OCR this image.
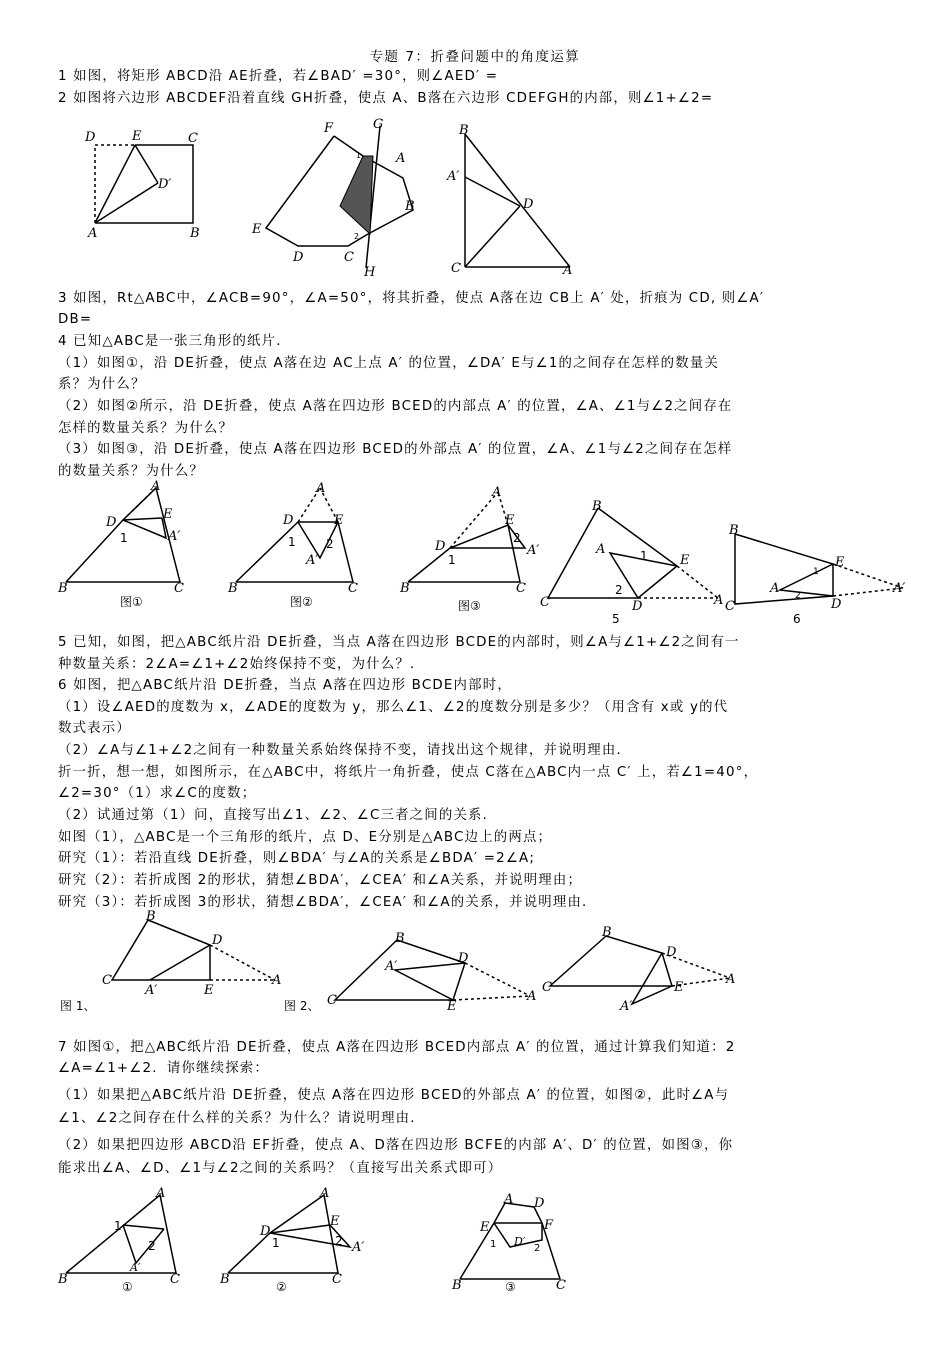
专题 7：折叠问题中的角度运算
1 如图，将矩形 ABCD沿 AE折叠，若∠BAD′ =30°，则∠AED′ =
2 如图将六边形 ABCDEF沿着直线 GH折叠，使点 A、B落在六边形 CDEFGH的内部，则∠1+∠2=
D	E	C
D′
A	B
F	G
A
B
E
D	C
H
1
2
B
A′
D
C	A
3 如图，Rt△ABC中，∠ACB=90°，∠A=50°，将其折叠，使点 A落在边 CB上 A′ 处，折痕为 CD, 则∠A′
DB=
4 已知△ABC是一张三角形的纸片．
（1）如图①，沿 DE折叠，使点 A落在边 AC上点 A′ 的位置，∠DA′ E与∠1的之间存在怎样的数量关
系？为什么？
（2）如图②所示，沿 DE折叠，使点 A落在四边形 BCED的内部点 A′ 的位置，∠A、∠1与∠2之间存在
怎样的数量关系？为什么？
（3）如图③，沿 DE折叠，使点 A落在四边形 BCED的外部点 A′ 的位置，∠A、∠1与∠2之间存在怎样
的数量关系？为什么？
A
D
E
A′
1
B	C
图①
A
D	E
A′
1	2
B	C
图②
A
D
E
A′
1
2
B	C
图③
B
A
E
C	D	A
1
2
5
B
E
A
C	D
A′
1
2
6
5 已知，如图，把△ABC纸片沿 DE折叠，当点 A落在四边形 BCDE的内部时，则∠A与∠1+∠2之间有一
种数量关系：2∠A=∠1+∠2始终保持不变，为什么？．
6 如图，把△ABC纸片沿 DE折叠，当点 A落在四边形 BCDE内部时，
（1）设∠AED的度数为 x，∠ADE的度数为 y，那么∠1、∠2的度数分别是多少？（用含有 x或 y的代
数式表示）
（2）∠A与∠1+∠2之间有一种数量关系始终保持不变，请找出这个规律，并说明理由．
折一折，想一想，如图所示，在△ABC中，将纸片一角折叠，使点 C落在△ABC内一点 C′ 上，若∠1=40°，
∠2=30°（1）求∠C的度数；
（2）试通过第（1）问，直接写出∠1、∠2、∠C三者之间的关系．
如图（1），△ABC是一个三角形的纸片，点 D、E分别是△ABC边上的两点；
研究（1）：若沿直线 DE折叠，则∠BDA′ 与∠A的关系是∠BDA′ =2∠A;
研究（2）：若折成图 2的形状，猜想∠BDA′，∠CEA′ 和∠A关系，并说明理由；
研究（3）：若折成图 3的形状，猜想∠BDA′，∠CEA′ 和∠A的关系，并说明理由．
B
D
C
A′	E
A
图 1、
B
A′
D
C	E
A
图 2、
B
D
C	E
A
A′
7 如图①，把△ABC纸片沿 DE折叠，使点 A落在四边形 BCED内部点 A′ 的位置，通过计算我们知道：2
∠A=∠1+∠2．请你继续探索：
（1）如果把△ABC纸片沿 DE折叠，使点 A落在四边形 BCED的外部点 A′ 的位置，如图②，此时∠A与
∠1、∠2之间存在什么样的关系？为什么？请说明理由．
（2）如果把四边形 ABCD沿 EF折叠，使点 A、D落在四边形 BCFE的内部 A′、D′ 的位置，如图③，你
能求出∠A、∠D、∠1与∠2之间的关系吗？（直接写出关系式即可）
A
1
2
A′
B	C
①
A
D
E
A′
1	2
B	C
②
A D
F
E
D′
1	2
B	C
③
